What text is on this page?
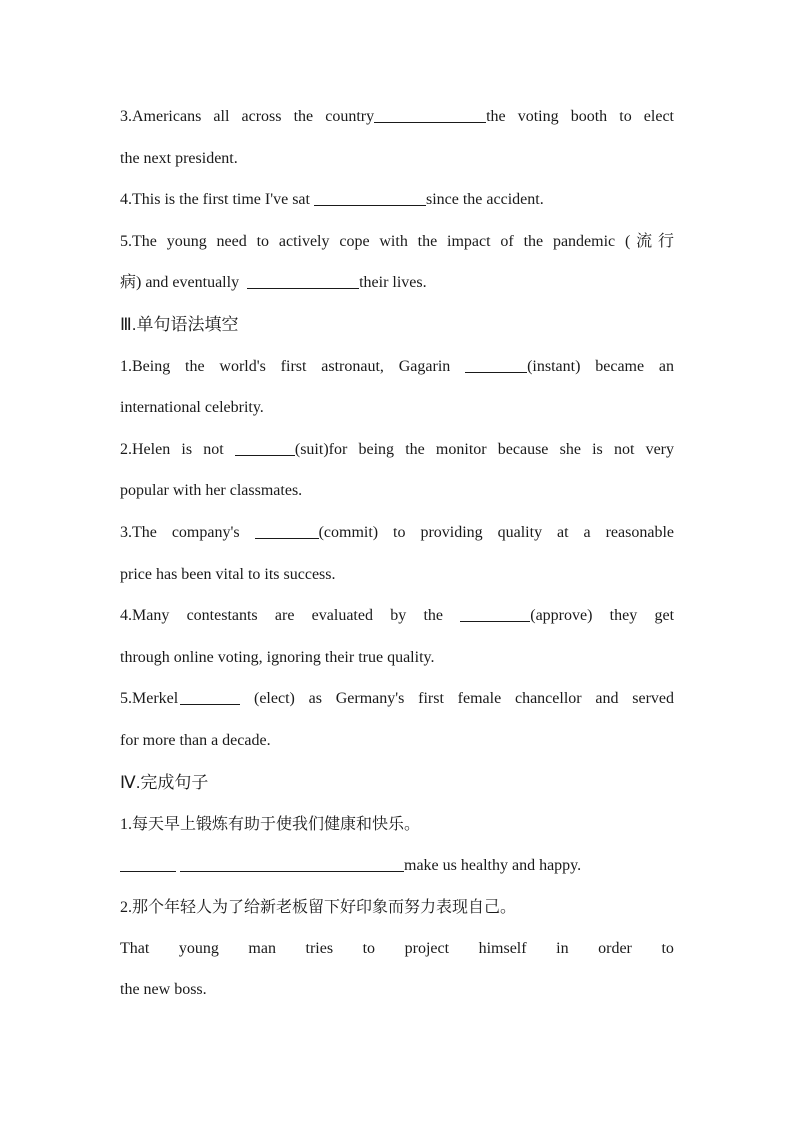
3.Americans all across the country	the voting booth to elect
the next president.
4.This is the first time I've sat	since the accident.
5.The young need to actively cope with the impact of the pandemic (流行
病) and eventually	their lives.
Ⅲ.单句语法填空
1.Being the world's first astronaut, Gagarin	(instant) became an
international celebrity.
2.Helen is not	(suit)for being the monitor because she is not very
popular with her classmates.
3.The company's	(commit) to providing quality at a reasonable
price has been vital to its success.
4.Many contestants are evaluated by the	(approve) they get
through online voting, ignoring their true quality.
5.Merkel	(elect) as Germany's first female chancellor and served
for more than a decade.
Ⅳ.完成句子
1.每天早上锻炼有助于使我们健康和快乐。
make us healthy and happy.
2.那个年轻人为了给新老板留下好印象而努力表现自己。
That young man tries to project himself in order to
the new boss.
